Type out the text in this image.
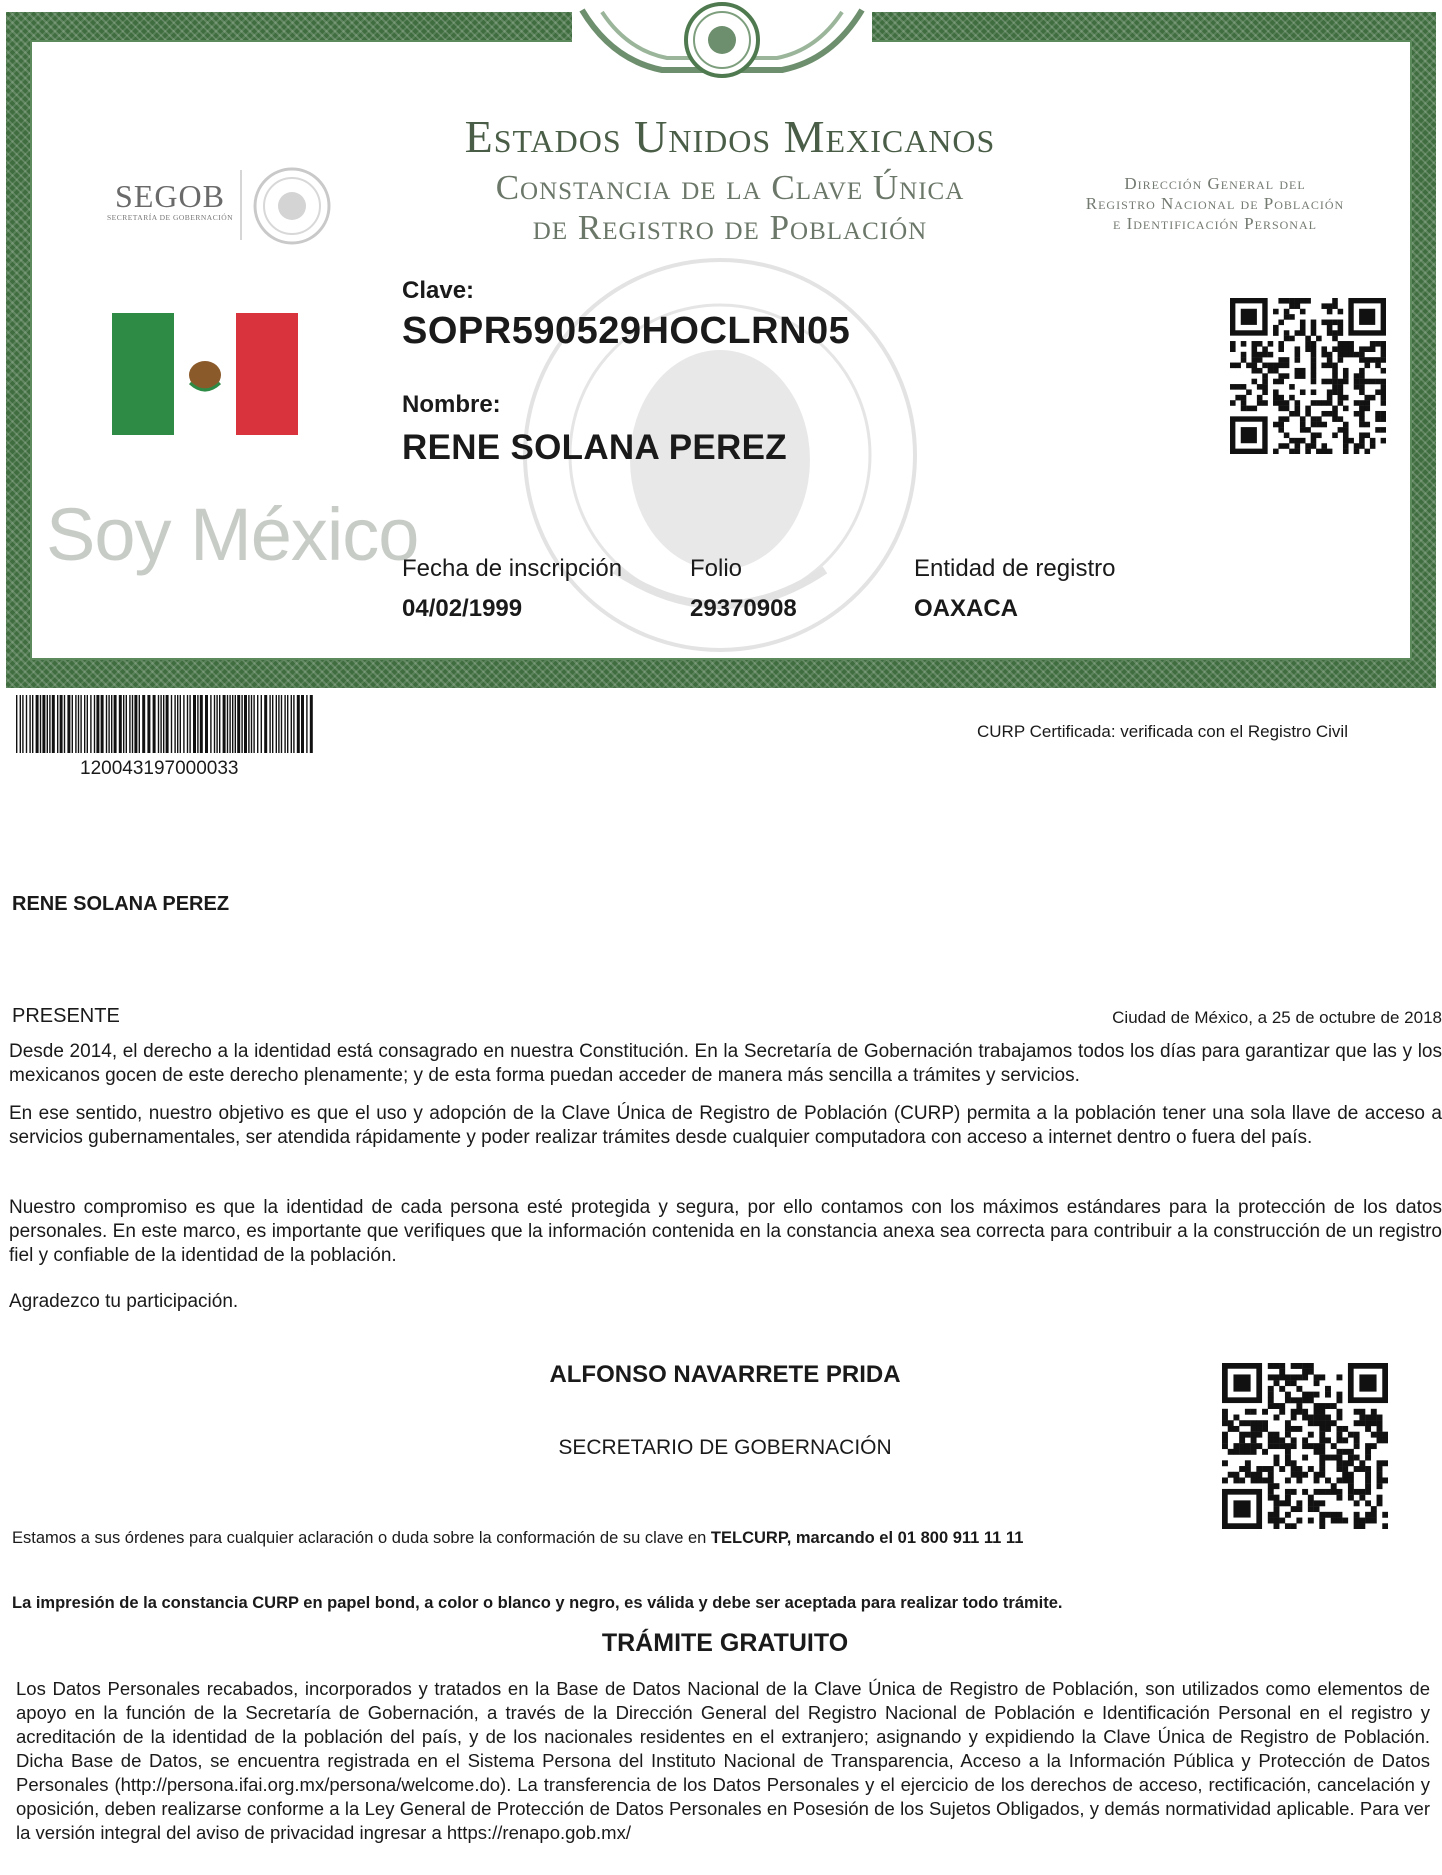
Estados Unidos Mexicanos
Constancia de la Clave Única
de Registro de Población
SEGOB
SECRETARÍA DE GOBERNACIÓN
Dirección General del
Registro Nacional de Población
e Identificación Personal
Soy México
Clave:
SOPR590529HOCLRN05
Nombre:
RENE SOLANA PEREZ
Fecha de inscripción
04/02/1999
Folio
29370908
Entidad de registro
OAXACA
120043197000033
CURP Certificada: verificada con el Registro Civil
RENE SOLANA PEREZ
PRESENTE	Ciudad de México, a 25 de octubre de 2018
Desde 2014, el derecho a la identidad está consagrado en nuestra Constitución. En la Secretaría de Gobernación trabajamos todos los días para garantizar que las y los mexicanos gocen de este derecho plenamente; y de esta forma puedan acceder de manera más sencilla a trámites y servicios.
En ese sentido, nuestro objetivo es que el uso y adopción de la Clave Única de Registro de Población (CURP) permita a la población tener una sola llave de acceso a servicios gubernamentales, ser atendida rápidamente y poder realizar trámites desde cualquier computadora con acceso a internet dentro o fuera del país.
Nuestro compromiso es que la identidad de cada persona esté protegida y segura, por ello contamos con los máximos estándares para la protección de los datos personales. En este marco, es importante que verifiques que la información contenida en la constancia anexa sea correcta para contribuir a la construcción de un registro fiel y confiable de la identidad de la población.
Agradezco tu participación.
ALFONSO NAVARRETE PRIDA
SECRETARIO DE GOBERNACIÓN
Estamos a sus órdenes para cualquier aclaración o duda sobre la conformación de su clave en TELCURP, marcando el 01 800 911 11 11
La impresión de la constancia CURP en papel bond, a color o blanco y negro, es válida y debe ser aceptada para realizar todo trámite.
TRÁMITE GRATUITO
Los Datos Personales recabados, incorporados y tratados en la Base de Datos Nacional de la Clave Única de Registro de Población, son utilizados como elementos de apoyo en la función de la Secretaría de Gobernación, a través de la Dirección General del Registro Nacional de Población e Identificación Personal en el registro y acreditación de la identidad de la población del país, y de los nacionales residentes en el extranjero; asignando y expidiendo la Clave Única de Registro de Población. Dicha Base de Datos, se encuentra registrada en el Sistema Persona del Instituto Nacional de Transparencia, Acceso a la Información Pública y Protección de Datos Personales (http://persona.ifai.org.mx/persona/welcome.do). La transferencia de los Datos Personales y el ejercicio de los derechos de acceso, rectificación, cancelación y oposición, deben realizarse conforme a la Ley General de Protección de Datos Personales en Posesión de los Sujetos Obligados, y demás normatividad aplicable. Para ver la versión integral del aviso de privacidad ingresar a https://renapo.gob.mx/
